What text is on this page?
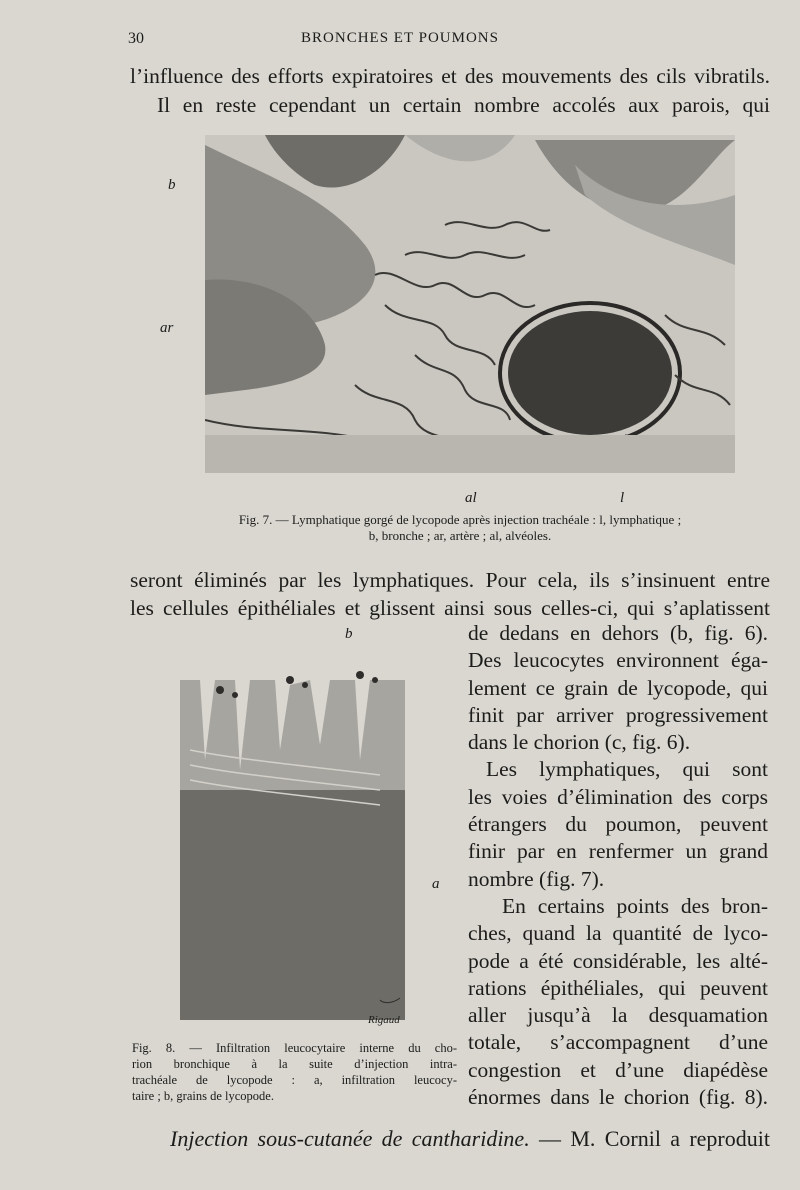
30	BRONCHES ET POUMONS
l’influence des efforts expiratoires et des mouvements des cils vibratils.
Il en reste cependant un certain nombre accolés aux parois, qui
b
ar
al	l
Fig. 7. — Lymphatique gorgé de lycopode après injection trachéale : l, lymphatique ;
b, bronche ; ar, artère ; al, alvéoles.
seront éliminés par les lymphatiques. Pour cela, ils s’insinuent entre
les cellules épithéliales et glissent ainsi sous celles-ci, qui s’aplatissent
b
a
Rigaud
Fig. 8. — Infiltration leucocytaire interne du cho-
rion bronchique à la suite d’injection intra-
trachéale de lycopode : a, infiltration leucocy-
taire ; b, grains de lycopode.
de dedans en dehors (b, fig. 6).
Des leucocytes environnent éga-
lement ce grain de lycopode, qui
finit par arriver progressivement
dans le chorion (c, fig. 6).
Les lymphatiques, qui sont
les voies d’élimination des corps
étrangers du poumon, peuvent
finir par en renfermer un grand
nombre (fig. 7).
En certains points des bron-
ches, quand la quantité de lyco-
pode a été considérable, les alté-
rations épithéliales, qui peuvent
aller jusqu’à la desquamation
totale, s’accompagnent d’une
congestion et d’une diapédèse
énormes dans le chorion (fig. 8).
Injection sous-cutanée de cantharidine. — M. Cornil a reproduit
